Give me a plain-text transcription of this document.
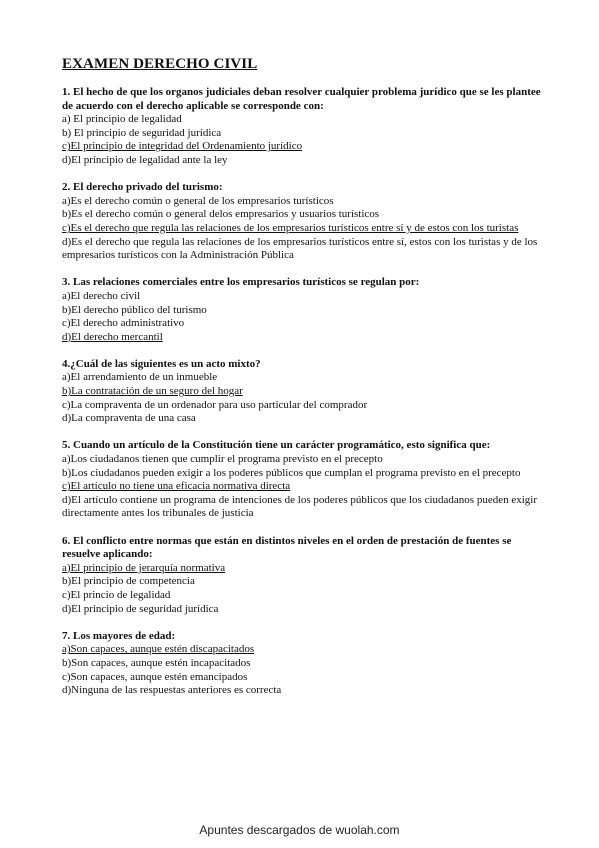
EXAMEN DERECHO CIVIL

1. El hecho de que los organos judiciales deban resolver cualquier problema jurídico que se les plantee de acuerdo con el derecho aplicable se corresponde con:

a) El principio de legalidad
b) El principio de seguridad jurídica
c)El principio de integridad del Ordenamiento jurídico
d)El principio de legalidad ante la ley

2. El derecho privado del turismo:

a)Es el derecho común o general de los empresarios turísticos
b)Es el derecho común o general delos empresarios y usuarios turísticos
c)Es el derecho que regula las relaciones de los empresarios turísticos entre sí y de estos con los turistas
d)Es el derecho que regula las relaciones de los empresarios turísticos entre sí, estos con los turistas y de los empresarios turísticos con la Administración Pública

3. Las relaciones comerciales entre los empresarios turísticos se regulan por:

a)El derecho civil
b)El derecho público del turismo
c)El derecho administrativo
d)El derecho mercantil

4.¿Cuál de las siguientes es un acto mixto?

a)El arrendamiento de un inmueble
b)La contratación de un seguro del hogar
c)La compraventa de un ordenador para uso particular del comprador
d)La compraventa de una casa

5. Cuando un artículo de la Constitución tiene un carácter programático, esto significa que:

a)Los ciudadanos tienen que cumplir el programa previsto en el precepto
b)Los ciudadanos pueden exigir a los poderes públicos que cumplan el programa previsto en el precepto
c)El artículo no tiene una eficacia normativa directa
d)El artículo contiene un programa de intenciones de los poderes públicos que los ciudadanos pueden exigir directamente antes los tribunales de justicia

6. El conflicto entre normas que están en distintos niveles en el orden de prestación de fuentes se resuelve aplicando:

a)El principio de jerarquía normativa
b)El principio de competencia
c)El princio de legalidad
d)El principio de seguridad jurídica

7. Los mayores de edad:

a)Son capaces, aunque estén discapacitados
b)Son capaces, aunque estén incapacitados
c)Son capaces, aunque estén emancipados
d)Ninguna de las respuestas anteriores es correcta
Apuntes descargados de wuolah.com
